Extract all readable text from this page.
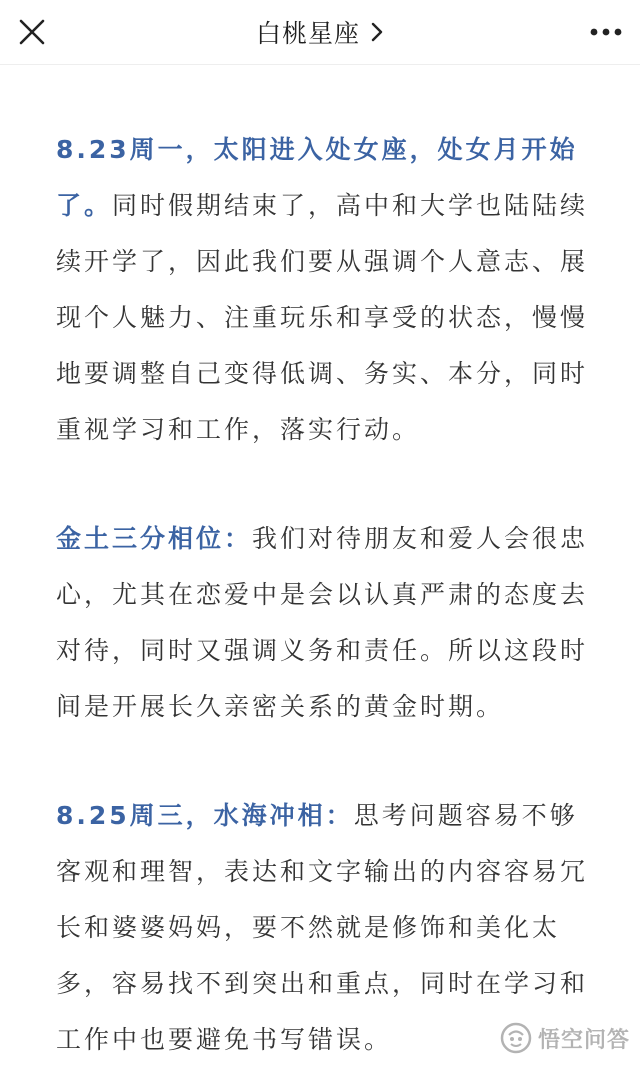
白桃星座

8.23周一，太阳进入处女座，处女月开始了。同时假期结束了，高中和大学也陆陆续续开学了，因此我们要从强调个人意志、展现个人魅力、注重玩乐和享受的状态，慢慢地要调整自己变得低调、务实、本分，同时重视学习和工作，落实行动。

金土三分相位：我们对待朋友和爱人会很忠心，尤其在恋爱中是会以认真严肃的态度去对待，同时又强调义务和责任。所以这段时间是开展长久亲密关系的黄金时期。

8.25周三，水海冲相：思考问题容易不够客观和理智，表达和文字输出的内容容易冗长和婆婆妈妈，要不然就是修饰和美化太多，容易找不到突出和重点，同时在学习和工作中也要避免书写错误。	悟空问答
